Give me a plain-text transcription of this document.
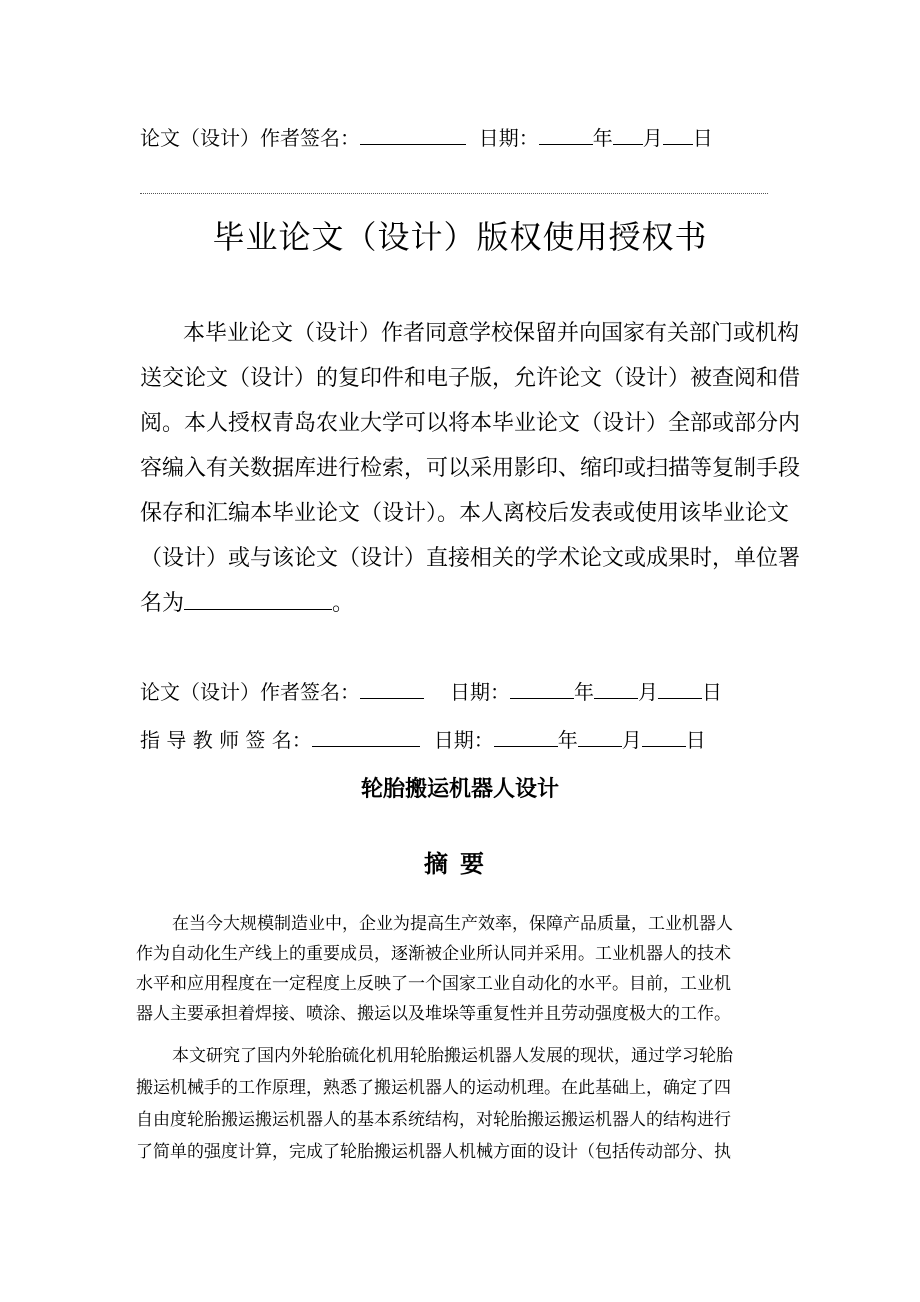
论文（设计）作者签名：	日期：	年 月 日
毕业论文（设计）版权使用授权书
本毕业论文（设计）作者同意学校保留并向国家有关部门或机构
送交论文（设计）的复印件和电子版，允许论文（设计）被查阅和借
阅。本人授权青岛农业大学可以将本毕业论文（设计）全部或部分内
容编入有关数据库进行检索，可以采用影印、缩印或扫描等复制手段
保存和汇编本毕业论文（设计）。本人离校后发表或使用该毕业论文
（设计）或与该论文（设计）直接相关的学术论文或成果时，单位署
名为	。
论文（设计）作者签名：	日期：	年 月 日
指 导 教 师 签 名：	日期：	年 月 日
轮胎搬运机器人设计
摘要
在当今大规模制造业中，企业为提高生产效率，保障产品质量，工业机器人
作为自动化生产线上的重要成员，逐渐被企业所认同并采用。工业机器人的技术
水平和应用程度在一定程度上反映了一个国家工业自动化的水平。目前，工业机
器人主要承担着焊接、喷涂、搬运以及堆垛等重复性并且劳动强度极大的工作。
本文研究了国内外轮胎硫化机用轮胎搬运机器人发展的现状，通过学习轮胎
搬运机械手的工作原理，熟悉了搬运机器人的运动机理。在此基础上，确定了四
自由度轮胎搬运搬运机器人的基本系统结构，对轮胎搬运搬运机器人的结构进行
了简单的强度计算，完成了轮胎搬运机器人机械方面的设计（包括传动部分、执
